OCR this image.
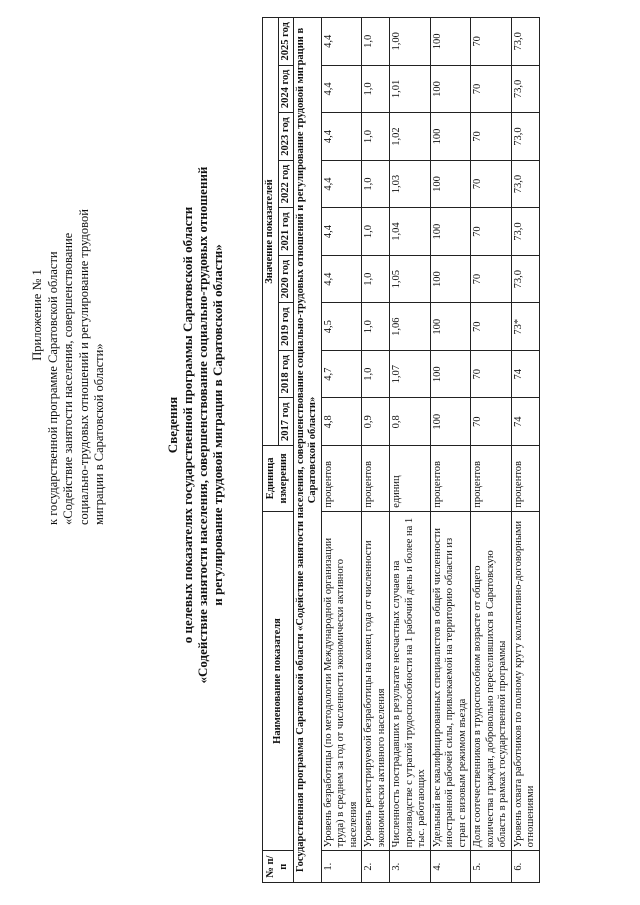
Приложение № 1 к государственной программе Саратовской области «Содействие занятости населения, совершенствование социально-трудовых отношений и регулирование трудовой миграции в Саратовской области»	Сведения о целевых показателях государственной программы Саратовской области «Содействие занятости населения, совершенствование социально-трудовых отношений и регулирование трудовой миграции в Саратовской области»
№ п/п	Наименование показателя	Единица измерения	Значение показателей								
			2017 год	2018 год	2019 год	2020 год	2021 год	2022 год	2023 год	2024 год	2025 год
Государственная программа Саратовской области «Содействие занятости населения, совершенствование социально-трудовых отношений и регулирование трудовой миграции в Саратовской области»											
1.	Уровень безработицы (по методологии Международной организации труда) в среднем за год от численности экономически активного населения	процентов	4,8	4,7	4,5	4,4	4,4	4,4	4,4	4,4	4,4
2.	Уровень регистрируемой безработицы на конец года от численности экономически активного населения	процентов	0,9	1,0	1,0	1,0	1,0	1,0	1,0	1,0	1,0
3.	Численность пострадавших в результате несчастных случаев на производстве с утратой трудоспособности на 1 рабочий день и более на 1 тыс. работающих	единиц	0,8	1,07	1,06	1,05	1,04	1,03	1,02	1,01	1,00
4.	Удельный вес квалифицированных специалистов в общей численности иностранной рабочей силы, привлекаемой на территорию области из стран с визовым режимом въезда	процентов	100	100	100	100	100	100	100	100	100
5.	Доля соотечественников в трудоспособном возрасте от общего количества граждан, добровольно переселившихся в Саратовскую область в рамках государственной программы	процентов	70	70	70	70	70	70	70	70	70
6.	Уровень охвата работников по полному кругу коллективно-договорными отношениями	процентов	74	74	73*	73,0	73,0	73,0	73,0	73,0	73,0
